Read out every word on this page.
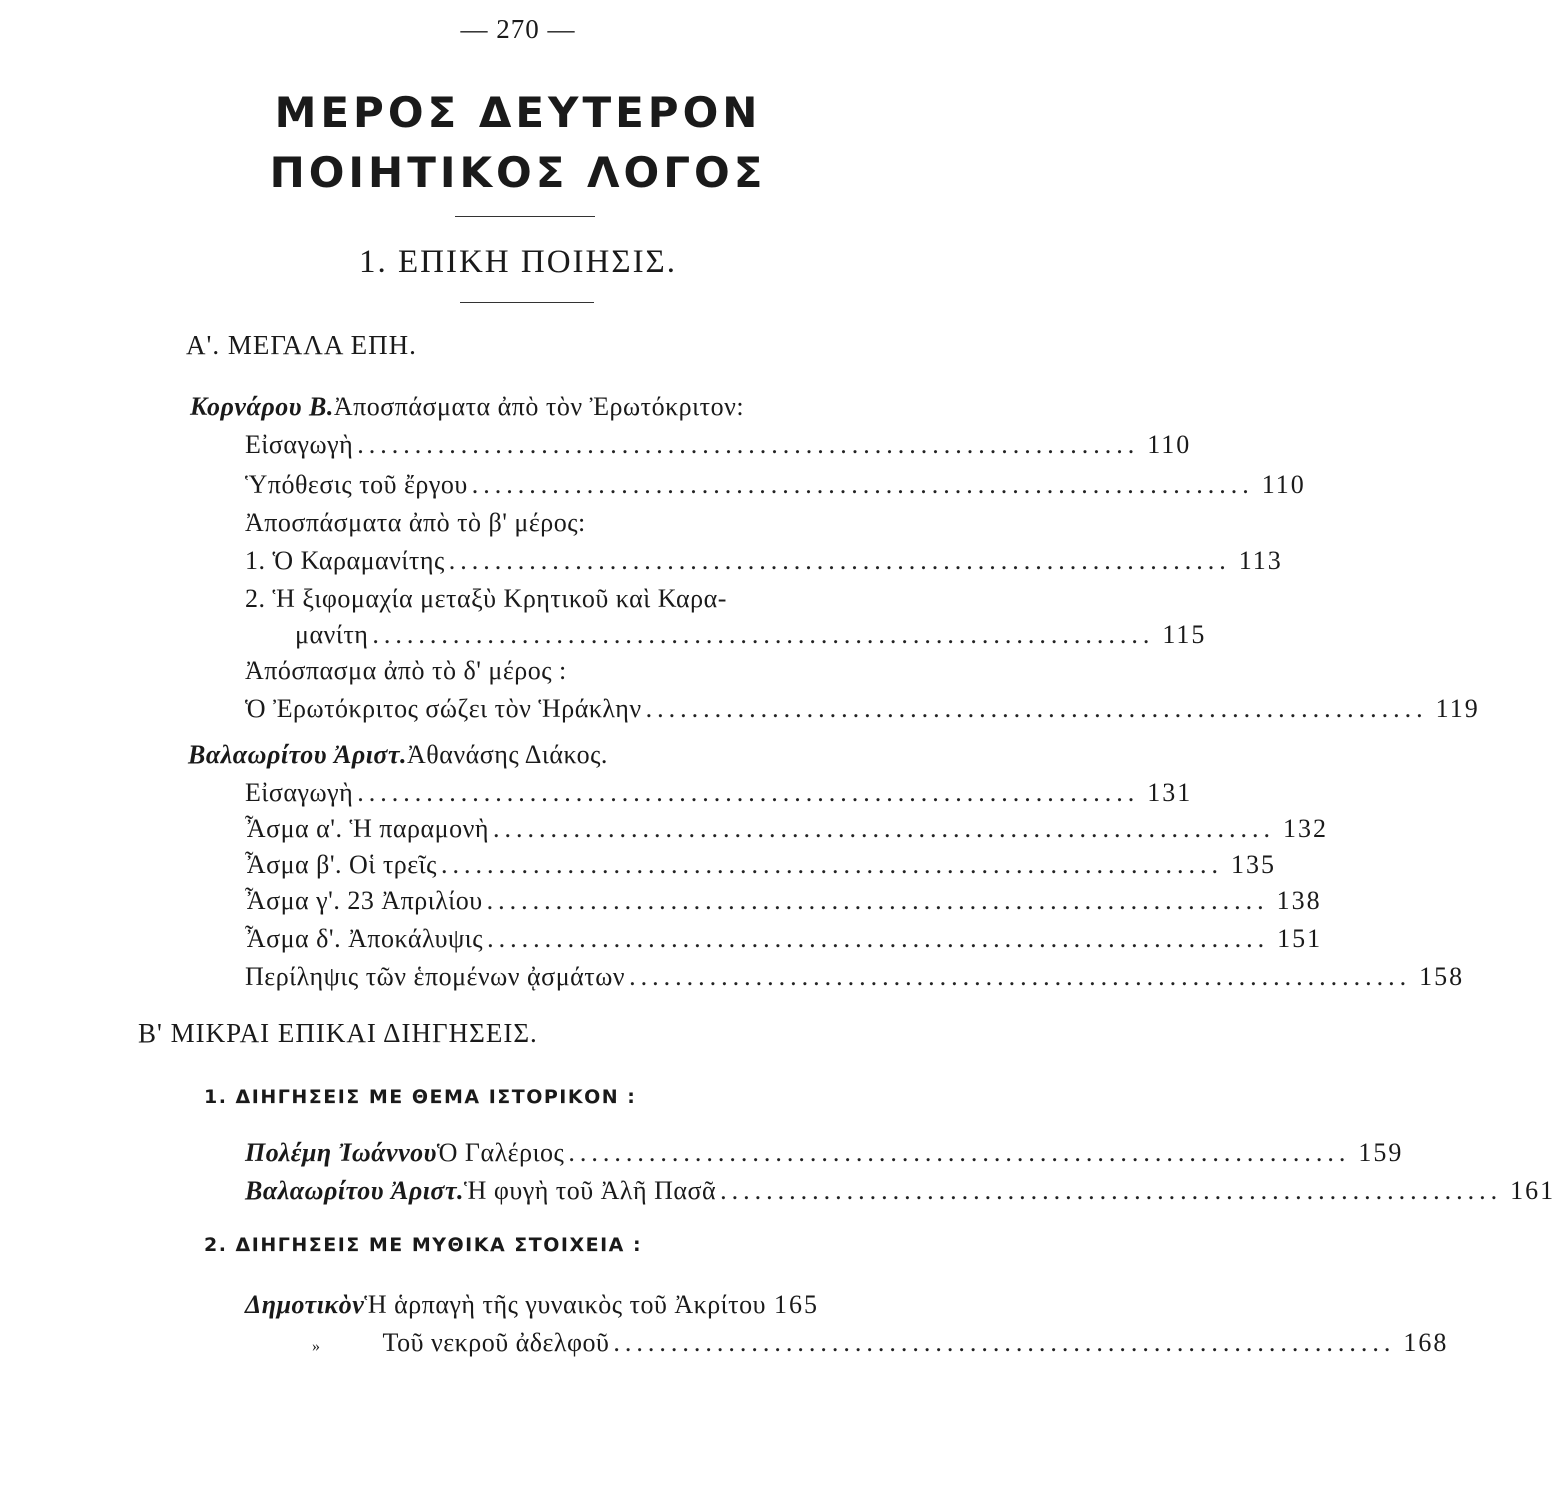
— 270 —
ΜΕΡΟΣ ΔΕΥΤΕΡΟΝ
ΠΟΙΗΤΙΚΟΣ ΛΟΓΟΣ
1. ΕΠΙΚΗ ΠΟΙΗΣΙΣ.
Α'. ΜΕΓΑΛΑ ΕΠΗ.
Κορνάρου Β. Ἀποσπάσματα ἀπὸ τὸν Ἐρωτόκριτον:
Εἰσαγωγὴ .................................................................... 110
Ὑπόθεσις τοῦ ἔργου .................................................................... 110
Ἀποσπάσματα ἀπὸ τὸ β' μέρος:
1. Ὁ Καραμανίτης .................................................................... 113
2. Ἡ ξιφομαχία μεταξὺ Κρητικοῦ καὶ Καρα-
μανίτη .................................................................... 115
Ἀπόσπασμα ἀπὸ τὸ δ' μέρος :
Ὁ Ἐρωτόκριτος σώζει τὸν Ἡράκλην .................................................................... 119
Βαλαωρίτου Ἀριστ. Ἀθανάσης Διάκος.
Εἰσαγωγὴ .................................................................... 131
Ἆσμα α'. Ἡ παραμονὴ .................................................................... 132
Ἆσμα β'. Οἱ τρεῖς .................................................................... 135
Ἆσμα γ'. 23 Ἀπριλίου .................................................................... 138
Ἆσμα δ'. Ἀποκάλυψις .................................................................... 151
Περίληψις τῶν ἑπομένων ᾀσμάτων .................................................................... 158
Β' ΜΙΚΡΑΙ ΕΠΙΚΑΙ ΔΙΗΓΗΣΕΙΣ.
1. ΔΙΗΓΗΣΕΙΣ ΜΕ ΘΕΜΑ ΙΣΤΟΡΙΚΟΝ :
Πολέμη Ἰωάννου Ὁ Γαλέριος .................................................................... 159
Βαλαωρίτου Ἀριστ. Ἡ φυγὴ τοῦ Ἀλῆ Πασᾶ .................................................................... 161
2. ΔΙΗΓΗΣΕΙΣ ΜΕ ΜΥΘΙΚΑ ΣΤΟΙΧΕΙΑ :
Δημοτικὸν Ἡ ἁρπαγὴ τῆς γυναικὸς τοῦ Ἀκρίτου 165
» Τοῦ νεκροῦ ἀδελφοῦ .................................................................... 168
